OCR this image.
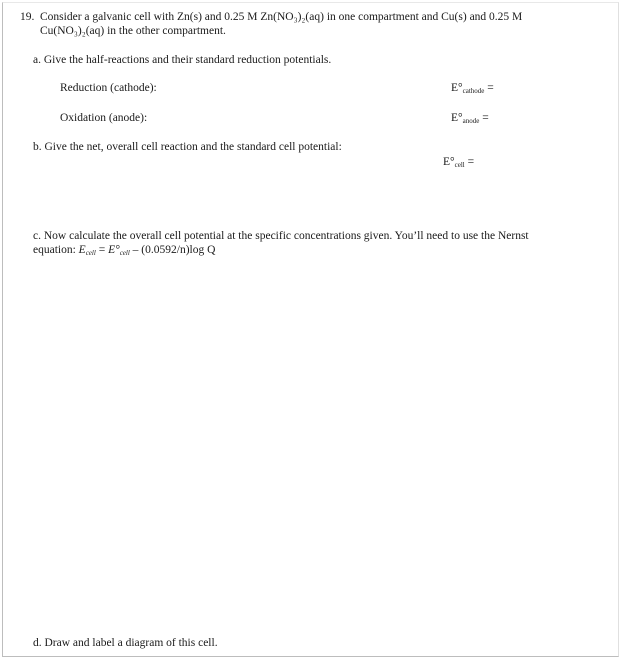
19. Consider a galvanic cell with Zn(s) and 0.25 M Zn(NO₃)₂(aq) in one compartment and Cu(s) and 0.25 M
Cu(NO₃)₂(aq) in the other compartment.
a. Give the half-reactions and their standard reduction potentials.
Reduction (cathode):	$E^\circ_{cathode}$ =
Oxidation (anode):	$E^\circ_{anode}$ =
b. Give the net, overall cell reaction and the standard cell potential:
$E^\circ_{cell}$ =
c. Now calculate the overall cell potential at the specific concentrations given. You’ll need to use the Nernst
equation: $E_{cell} = E^\circ_{cell} - (0.0592/n)\log$ Q
d. Draw and label a diagram of this cell.
